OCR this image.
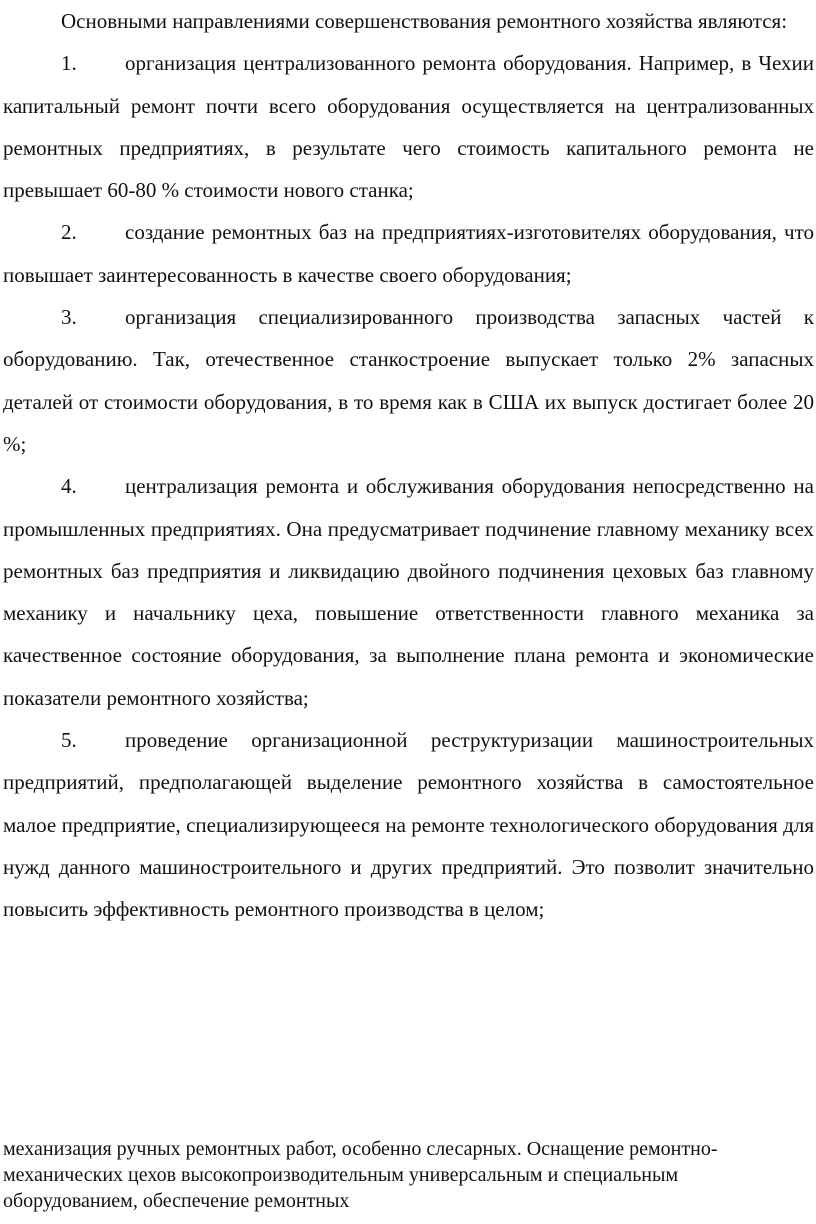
Основными направлениями совершенствования ремонтного хозяйства являются:

1. организация централизованного ремонта оборудования. Например, в Чехии капитальный ремонт почти всего оборудования осуществляется на централизованных ремонтных предприятиях, в результате чего стоимость капитального ремонта не превышает 60-80 % стоимости нового станка;

2. создание ремонтных баз на предприятиях-изготовителях оборудования, что повышает заинтересованность в качестве своего оборудования;

3. организация специализированного производства запасных частей к оборудованию. Так, отечественное станкостроение выпускает только 2% запасных деталей от стоимости оборудования, в то время как в США их выпуск достигает более 20 %;

4. централизация ремонта и обслуживания оборудования непосредственно на промышленных предприятиях. Она предусматривает подчинение главному механику всех ремонтных баз предприятия и ликвидацию двойного подчинения цеховых баз главному механику и начальнику цеха, повышение ответственности главного механика за качественное состояние оборудования, за выполнение плана ремонта и экономические показатели ремонтного хозяйства;

5. проведение организационной реструктуризации машиностроительных предприятий, предполагающей выделение ремонтного хозяйства в самостоятельное малое предприятие, специализирующееся на ремонте технологического оборудования для нужд данного машиностроительного и других предприятий. Это позволит значительно повысить эффективность ремонтного производства в целом;

механизация ручных ремонтных работ, особенно слесарных. Оснащение ремонтно-механических цехов высокопроизводительным универсальным и специальным оборудованием, обеспечение ремонтных
